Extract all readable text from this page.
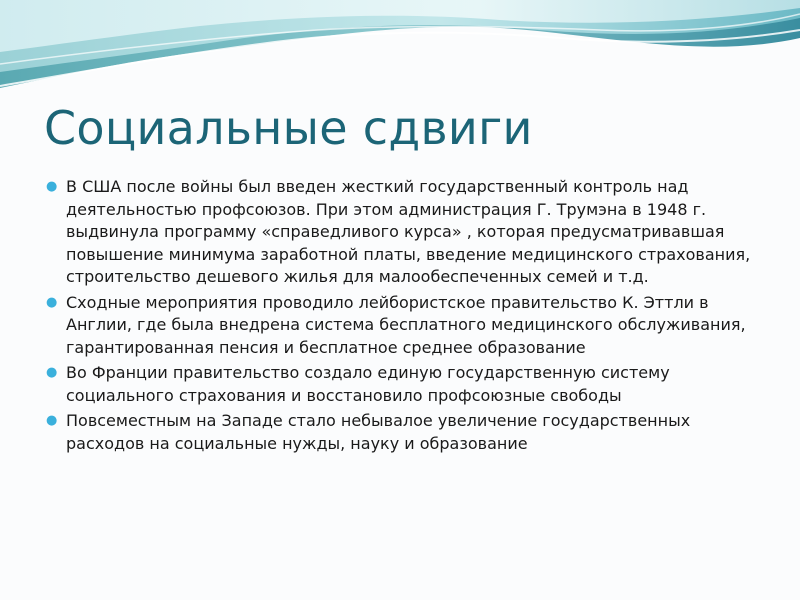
Социальные сдвиги
● В США после войны был введен жесткий государственный контроль над деятельностью профсоюзов. При этом администрация Г. Трумэна в 1948 г. выдвинула программу «справедливого курса» , которая предусматривавшая повышение минимума заработной платы, введение медицинского страхования, строительство дешевого жилья для малообеспеченных семей и т.д.
● Сходные мероприятия проводило лейбористское правительство К. Эттли в Англии, где была внедрена система бесплатного медицинского обслуживания, гарантированная пенсия и бесплатное среднее образование
● Во Франции правительство создало единую государственную систему социального страхования и восстановило профсоюзные свободы
● Повсеместным на Западе стало небывалое увеличение государственных расходов на социальные нужды, науку и образование
